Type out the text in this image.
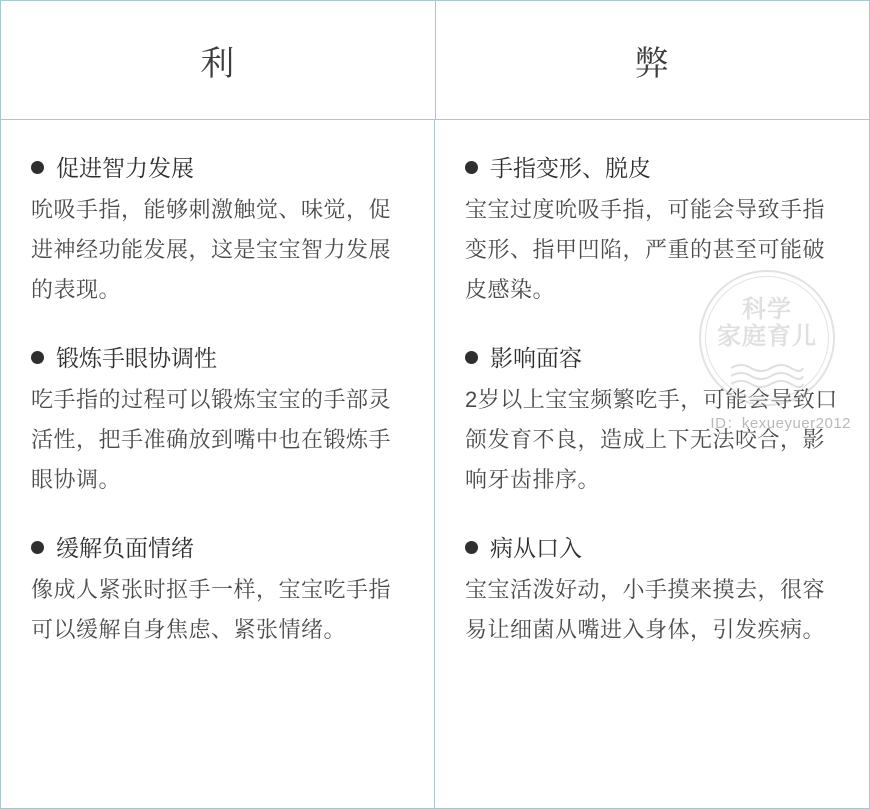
利	弊
促进智力发展
吮吸手指，能够刺激触觉、味觉，促进神经功能发展，这是宝宝智力发展的表现。
锻炼手眼协调性
吃手指的过程可以锻炼宝宝的手部灵活性，把手准确放到嘴中也在锻炼手眼协调。
缓解负面情绪
像成人紧张时抠手一样，宝宝吃手指可以缓解自身焦虑、紧张情绪。
科学
家庭育儿
ID：kexueyuer2012
手指变形、脱皮
宝宝过度吮吸手指，可能会导致手指变形、指甲凹陷，严重的甚至可能破皮感染。
影响面容
2岁以上宝宝频繁吃手，可能会导致口颌发育不良，造成上下无法咬合，影响牙齿排序。
病从口入
宝宝活泼好动，小手摸来摸去，很容易让细菌从嘴进入身体，引发疾病。
